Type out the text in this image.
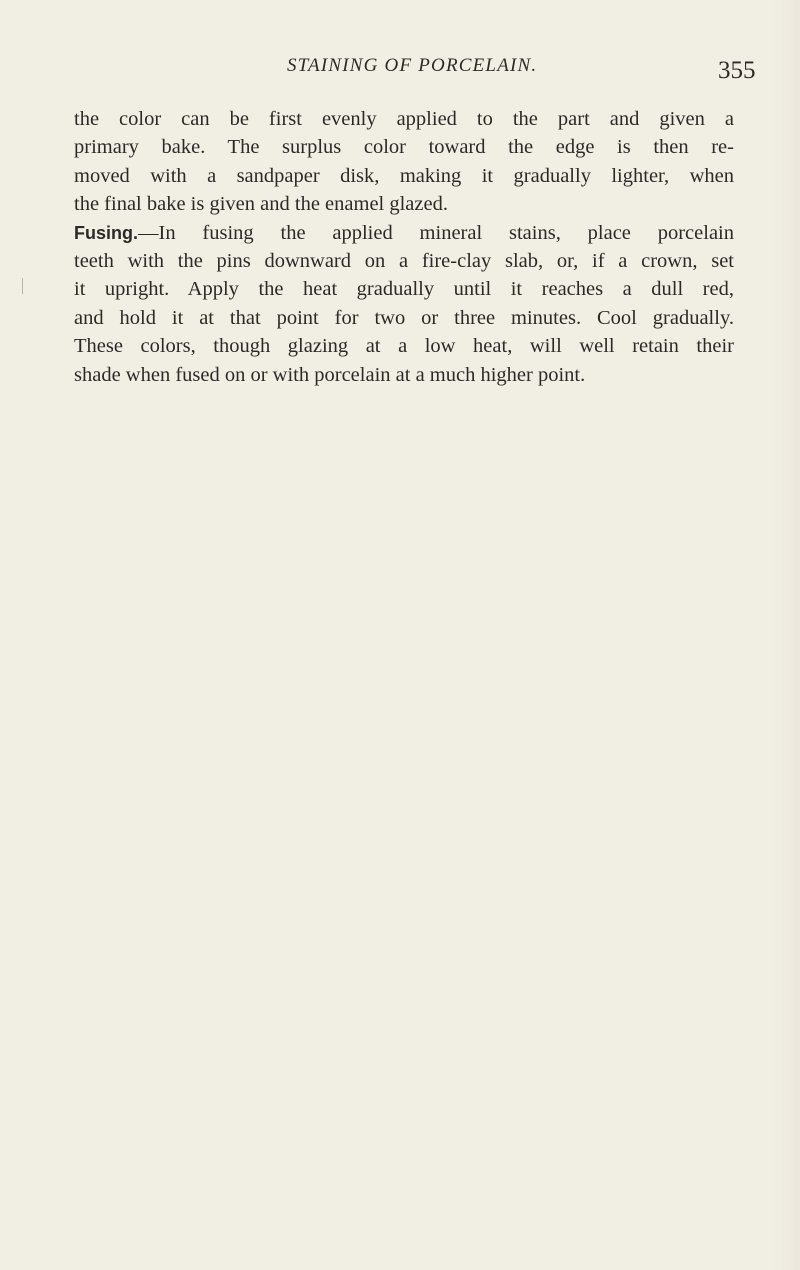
STAINING OF PORCELAIN.	355
the color can be first evenly applied to the part and given a
primary bake. The surplus color toward the edge is then re-
moved with a sandpaper disk, making it gradually lighter, when
the final bake is given and the enamel glazed.
Fusing.—In fusing the applied mineral stains, place porcelain
teeth with the pins downward on a fire-clay slab, or, if a crown, set
it upright. Apply the heat gradually until it reaches a dull red,
and hold it at that point for two or three minutes. Cool gradually.
These colors, though glazing at a low heat, will well retain their
shade when fused on or with porcelain at a much higher point.
